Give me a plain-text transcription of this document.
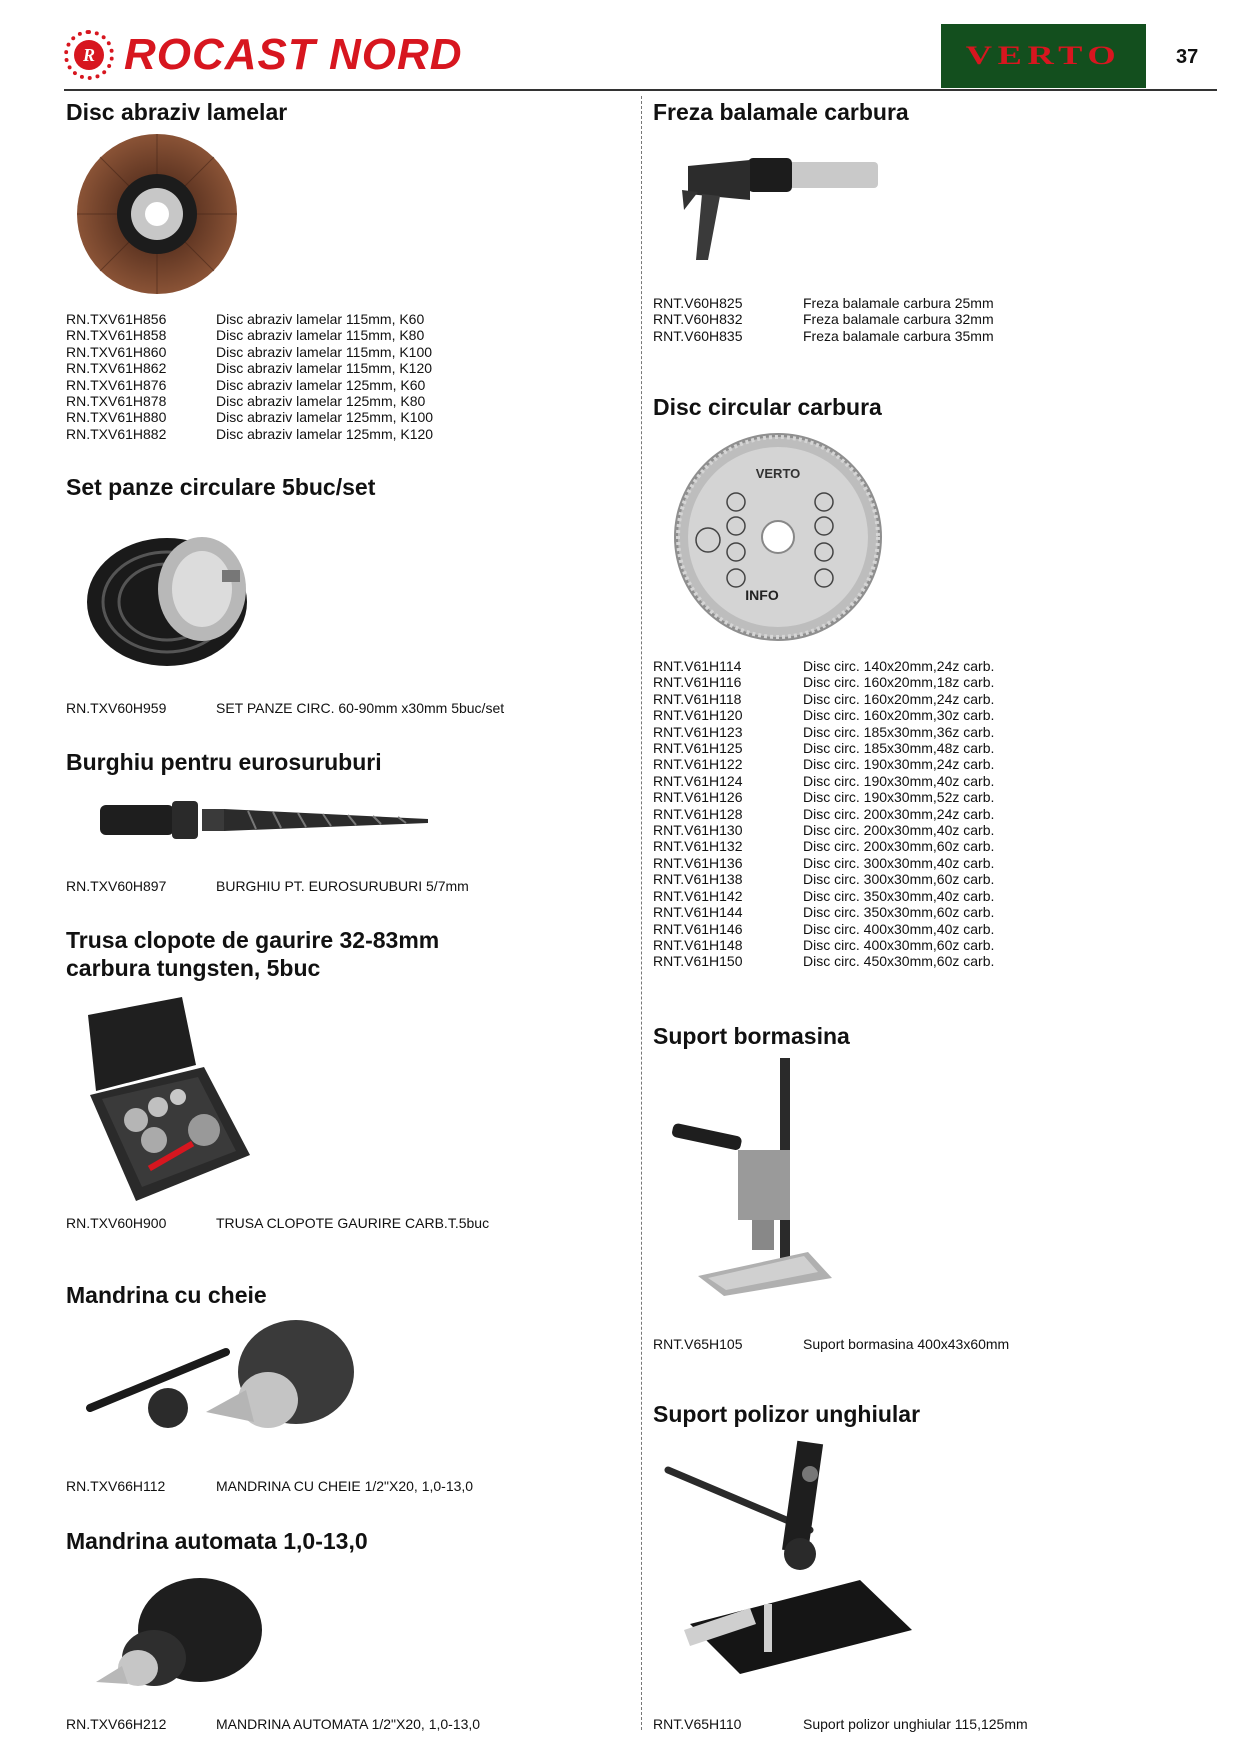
R ROCAST NORD	VERTO	37
Disc abraziv lamelar
RN.TXV61H856	Disc abraziv lamelar 115mm, K60
RN.TXV61H858	Disc abraziv lamelar 115mm, K80
RN.TXV61H860	Disc abraziv lamelar 115mm, K100
RN.TXV61H862	Disc abraziv lamelar 115mm, K120
RN.TXV61H876	Disc abraziv lamelar 125mm, K60
RN.TXV61H878	Disc abraziv lamelar 125mm, K80
RN.TXV61H880	Disc abraziv lamelar 125mm, K100
RN.TXV61H882	Disc abraziv lamelar 125mm, K120
Set panze circulare 5buc/set
RN.TXV60H959	SET PANZE CIRC. 60-90mm x30mm 5buc/set
Burghiu pentru eurosuruburi
RN.TXV60H897	BURGHIU PT. EUROSURUBURI 5/7mm
Trusa clopote de gaurire 32-83mm
carbura tungsten, 5buc
RN.TXV60H900	TRUSA CLOPOTE GAURIRE CARB.T.5buc
Mandrina cu cheie
RN.TXV66H112	MANDRINA CU CHEIE 1/2"X20, 1,0-13,0
Mandrina automata 1,0-13,0
RN.TXV66H212	MANDRINA AUTOMATA 1/2"X20, 1,0-13,0
Freza balamale carbura
RNT.V60H825	Freza balamale carbura 25mm
RNT.V60H832	Freza balamale carbura 32mm
RNT.V60H835	Freza balamale carbura 35mm
Disc circular carbura
VERTO
INFO
RNT.V61H114	Disc circ. 140x20mm,24z carb.
RNT.V61H116	Disc circ. 160x20mm,18z carb.
RNT.V61H118	Disc circ. 160x20mm,24z carb.
RNT.V61H120	Disc circ. 160x20mm,30z carb.
RNT.V61H123	Disc circ. 185x30mm,36z carb.
RNT.V61H125	Disc circ. 185x30mm,48z carb.
RNT.V61H122	Disc circ. 190x30mm,24z carb.
RNT.V61H124	Disc circ. 190x30mm,40z carb.
RNT.V61H126	Disc circ. 190x30mm,52z carb.
RNT.V61H128	Disc circ. 200x30mm,24z carb.
RNT.V61H130	Disc circ. 200x30mm,40z carb.
RNT.V61H132	Disc circ. 200x30mm,60z carb.
RNT.V61H136	Disc circ. 300x30mm,40z carb.
RNT.V61H138	Disc circ. 300x30mm,60z carb.
RNT.V61H142	Disc circ. 350x30mm,40z carb.
RNT.V61H144	Disc circ. 350x30mm,60z carb.
RNT.V61H146	Disc circ. 400x30mm,40z carb.
RNT.V61H148	Disc circ. 400x30mm,60z carb.
RNT.V61H150	Disc circ. 450x30mm,60z carb.
Suport bormasina
RNT.V65H105	Suport bormasina 400x43x60mm
Suport polizor unghiular
RNT.V65H110	Suport polizor unghiular 115,125mm
